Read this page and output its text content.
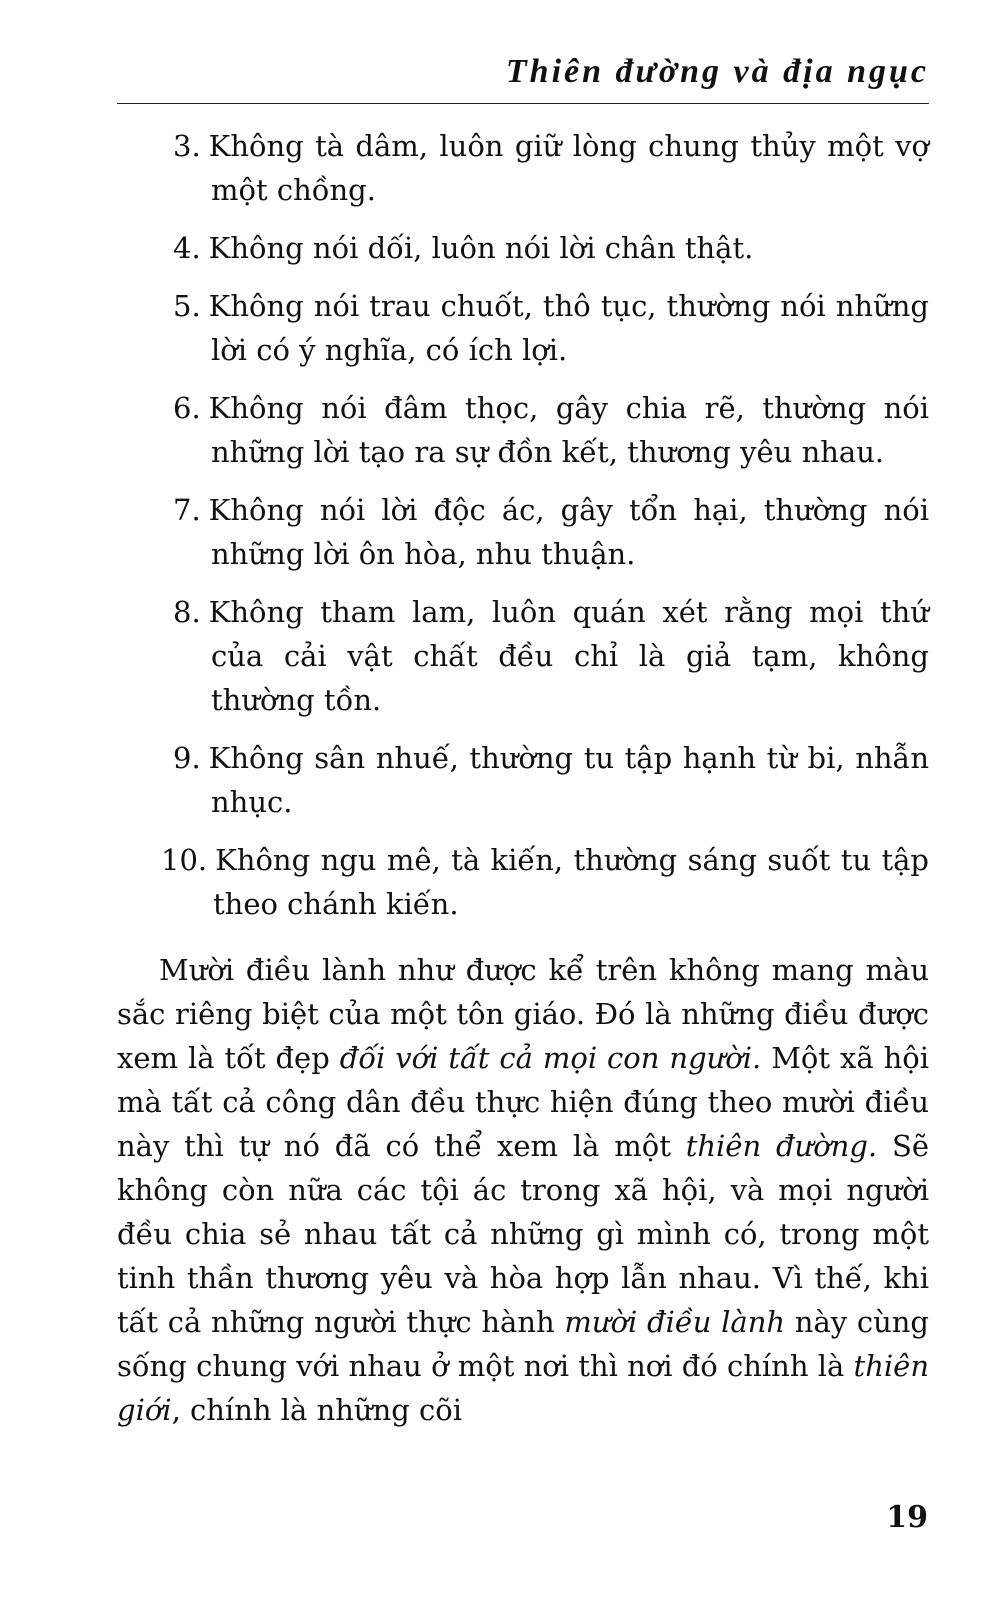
Thiên đường và địa ngục
3. Không tà dâm, luôn giữ lòng chung thủy một vợ một chồng.
4. Không nói dối, luôn nói lời chân thật.
5. Không nói trau chuốt, thô tục, thường nói những lời có ý nghĩa, có ích lợi.
6. Không nói đâm thọc, gây chia rẽ, thường nói những lời tạo ra sự đồn kết, thương yêu nhau.
7. Không nói lời độc ác, gây tổn hại, thường nói những lời ôn hòa, nhu thuận.
8. Không tham lam, luôn quán xét rằng mọi thứ của cải vật chất đều chỉ là giả tạm, không thường tồn.
9. Không sân nhuế, thường tu tập hạnh từ bi, nhẫn nhục.
10. Không ngu mê, tà kiến, thường sáng suốt tu tập theo chánh kiến.

Mười điều lành như được kể trên không mang màu sắc riêng biệt của một tôn giáo. Đó là những điều được xem là tốt đẹp đối với tất cả mọi con người. Một xã hội mà tất cả công dân đều thực hiện đúng theo mười điều này thì tự nó đã có thể xem là một thiên đường. Sẽ không còn nữa các tội ác trong xã hội, và mọi người đều chia sẻ nhau tất cả những gì mình có, trong một tinh thần thương yêu và hòa hợp lẫn nhau. Vì thế, khi tất cả những người thực hành mười điều lành này cùng sống chung với nhau ở một nơi thì nơi đó chính là thiên giới, chính là những cõi

19
